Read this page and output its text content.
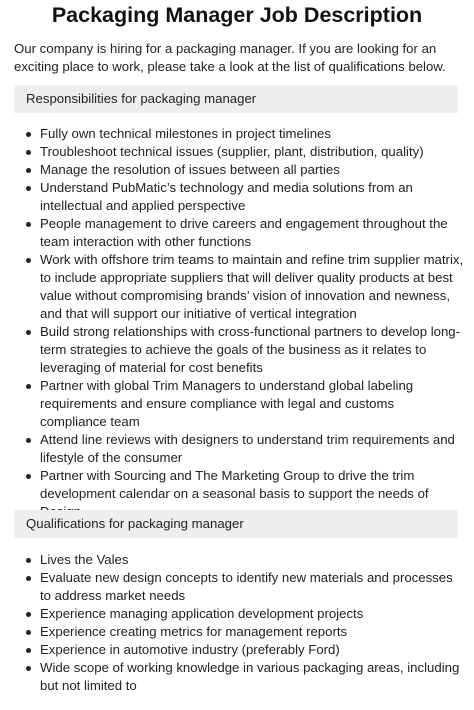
Packaging Manager Job Description
Our company is hiring for a packaging manager. If you are looking for an exciting place to work, please take a look at the list of qualifications below.
Responsibilities for packaging manager
Fully own technical milestones in project timelines
Troubleshoot technical issues (supplier, plant, distribution, quality)
Manage the resolution of issues between all parties
Understand PubMatic’s technology and media solutions from an intellectual and applied perspective
People management to drive careers and engagement throughout the team interaction with other functions
Work with offshore trim teams to maintain and refine trim supplier matrix, to include appropriate suppliers that will deliver quality products at best value without compromising brands’ vision of innovation and newness, and that will support our initiative of vertical integration
Build strong relationships with cross-functional partners to develop long-term strategies to achieve the goals of the business as it relates to leveraging of material for cost benefits
Partner with global Trim Managers to understand global labeling requirements and ensure compliance with legal and customs compliance team
Attend line reviews with designers to understand trim requirements and lifestyle of the consumer
Partner with Sourcing and The Marketing Group to drive the trim development calendar on a seasonal basis to support the needs of
Qualifications for packaging manager
Lives the Vales
Evaluate new design concepts to identify new materials and processes to address market needs
Experience managing application development projects
Experience creating metrics for management reports
Experience in automotive industry (preferably Ford)
Wide scope of working knowledge in various packaging areas, including but not limited to
